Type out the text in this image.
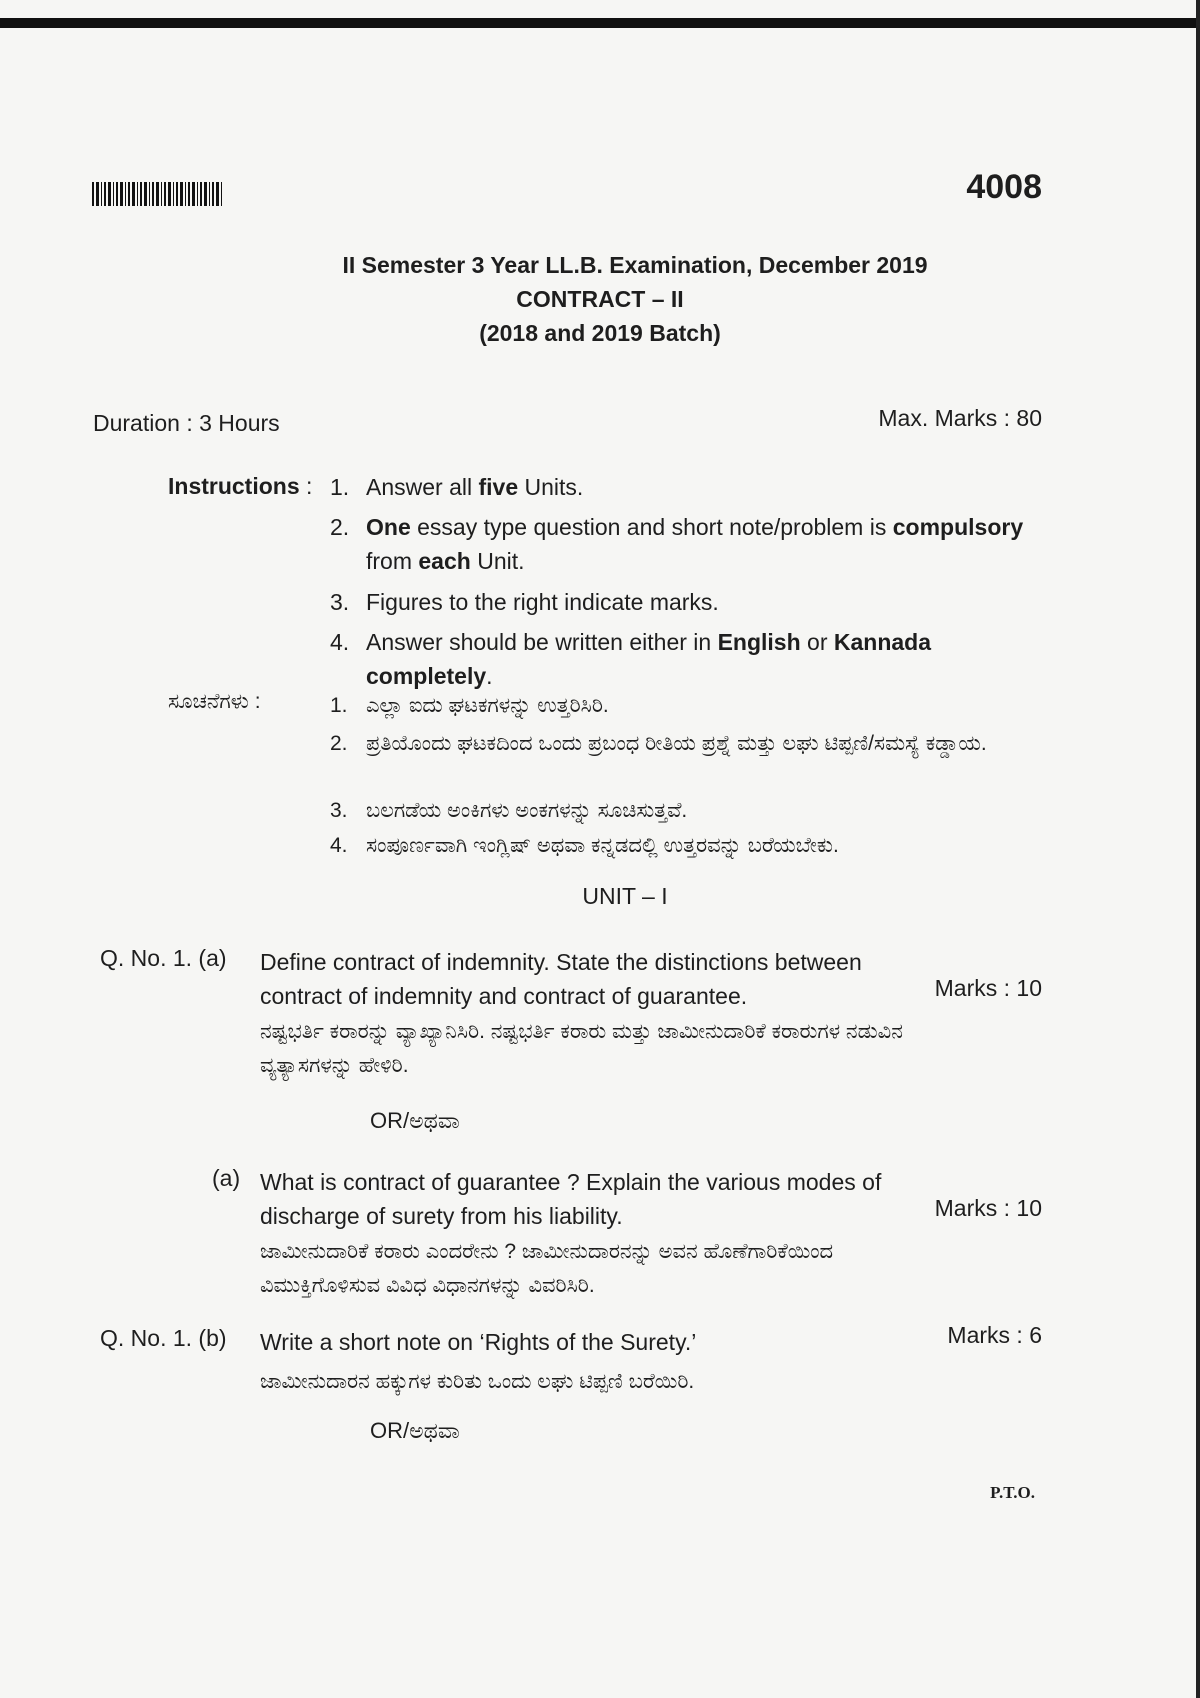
4008
II Semester 3 Year LL.B. Examination, December 2019
CONTRACT – II
(2018 and 2019 Batch)
Duration : 3 Hours	Max. Marks : 80
Instructions : 1. Answer all five Units.
2. One essay type question and short note/problem is compulsory from each Unit.
3. Figures to the right indicate marks.
4. Answer should be written either in English or Kannada completely.
ಸೂಚನೆಗಳು :	1. ಎಲ್ಲಾ ಐದು ಘಟಕಗಳನ್ನು ಉತ್ತರಿಸಿರಿ.
2. ಪ್ರತಿಯೊಂದು ಘಟಕದಿಂದ ಒಂದು ಪ್ರಬಂಧ ರೀತಿಯ ಪ್ರಶ್ನೆ ಮತ್ತು ಲಘು ಟಿಪ್ಪಣಿ/ಸಮಸ್ಯೆ ಕಡ್ಡಾಯ.
3. ಬಲಗಡೆಯ ಅಂಕಿಗಳು ಅಂಕಗಳನ್ನು ಸೂಚಿಸುತ್ತವೆ.
4. ಸಂಪೂರ್ಣವಾಗಿ ಇಂಗ್ಲಿಷ್ ಅಥವಾ ಕನ್ನಡದಲ್ಲಿ ಉತ್ತರವನ್ನು ಬರೆಯಬೇಕು.
UNIT – I
Q. No. 1. (a) Define contract of indemnity. State the distinctions between contract of indemnity and contract of guarantee.	Marks : 10
ನಷ್ಟಭರ್ತಿ ಕರಾರನ್ನು ವ್ಯಾಖ್ಯಾನಿಸಿರಿ. ನಷ್ಟಭರ್ತಿ ಕರಾರು ಮತ್ತು ಜಾಮೀನುದಾರಿಕೆ ಕರಾರುಗಳ ನಡುವಿನ ವ್ಯತ್ಯಾಸಗಳನ್ನು ಹೇಳಿರಿ.
OR/ಅಥವಾ
(a) What is contract of guarantee ? Explain the various modes of discharge of surety from his liability.	Marks : 10
ಜಾಮೀನುದಾರಿಕೆ ಕರಾರು ಎಂದರೇನು ? ಜಾಮೀನುದಾರನನ್ನು ಅವನ ಹೊಣೆಗಾರಿಕೆಯಿಂದ ವಿಮುಕ್ತಿಗೊಳಿಸುವ ವಿವಿಧ ವಿಧಾನಗಳನ್ನು ವಿವರಿಸಿರಿ.
Q. No. 1. (b) Write a short note on ‘Rights of the Surety.’	Marks : 6
ಜಾಮೀನುದಾರನ ಹಕ್ಕುಗಳ ಕುರಿತು ಒಂದು ಲಘು ಟಿಪ್ಪಣಿ ಬರೆಯಿರಿ.
OR/ಅಥವಾ
P.T.O.
